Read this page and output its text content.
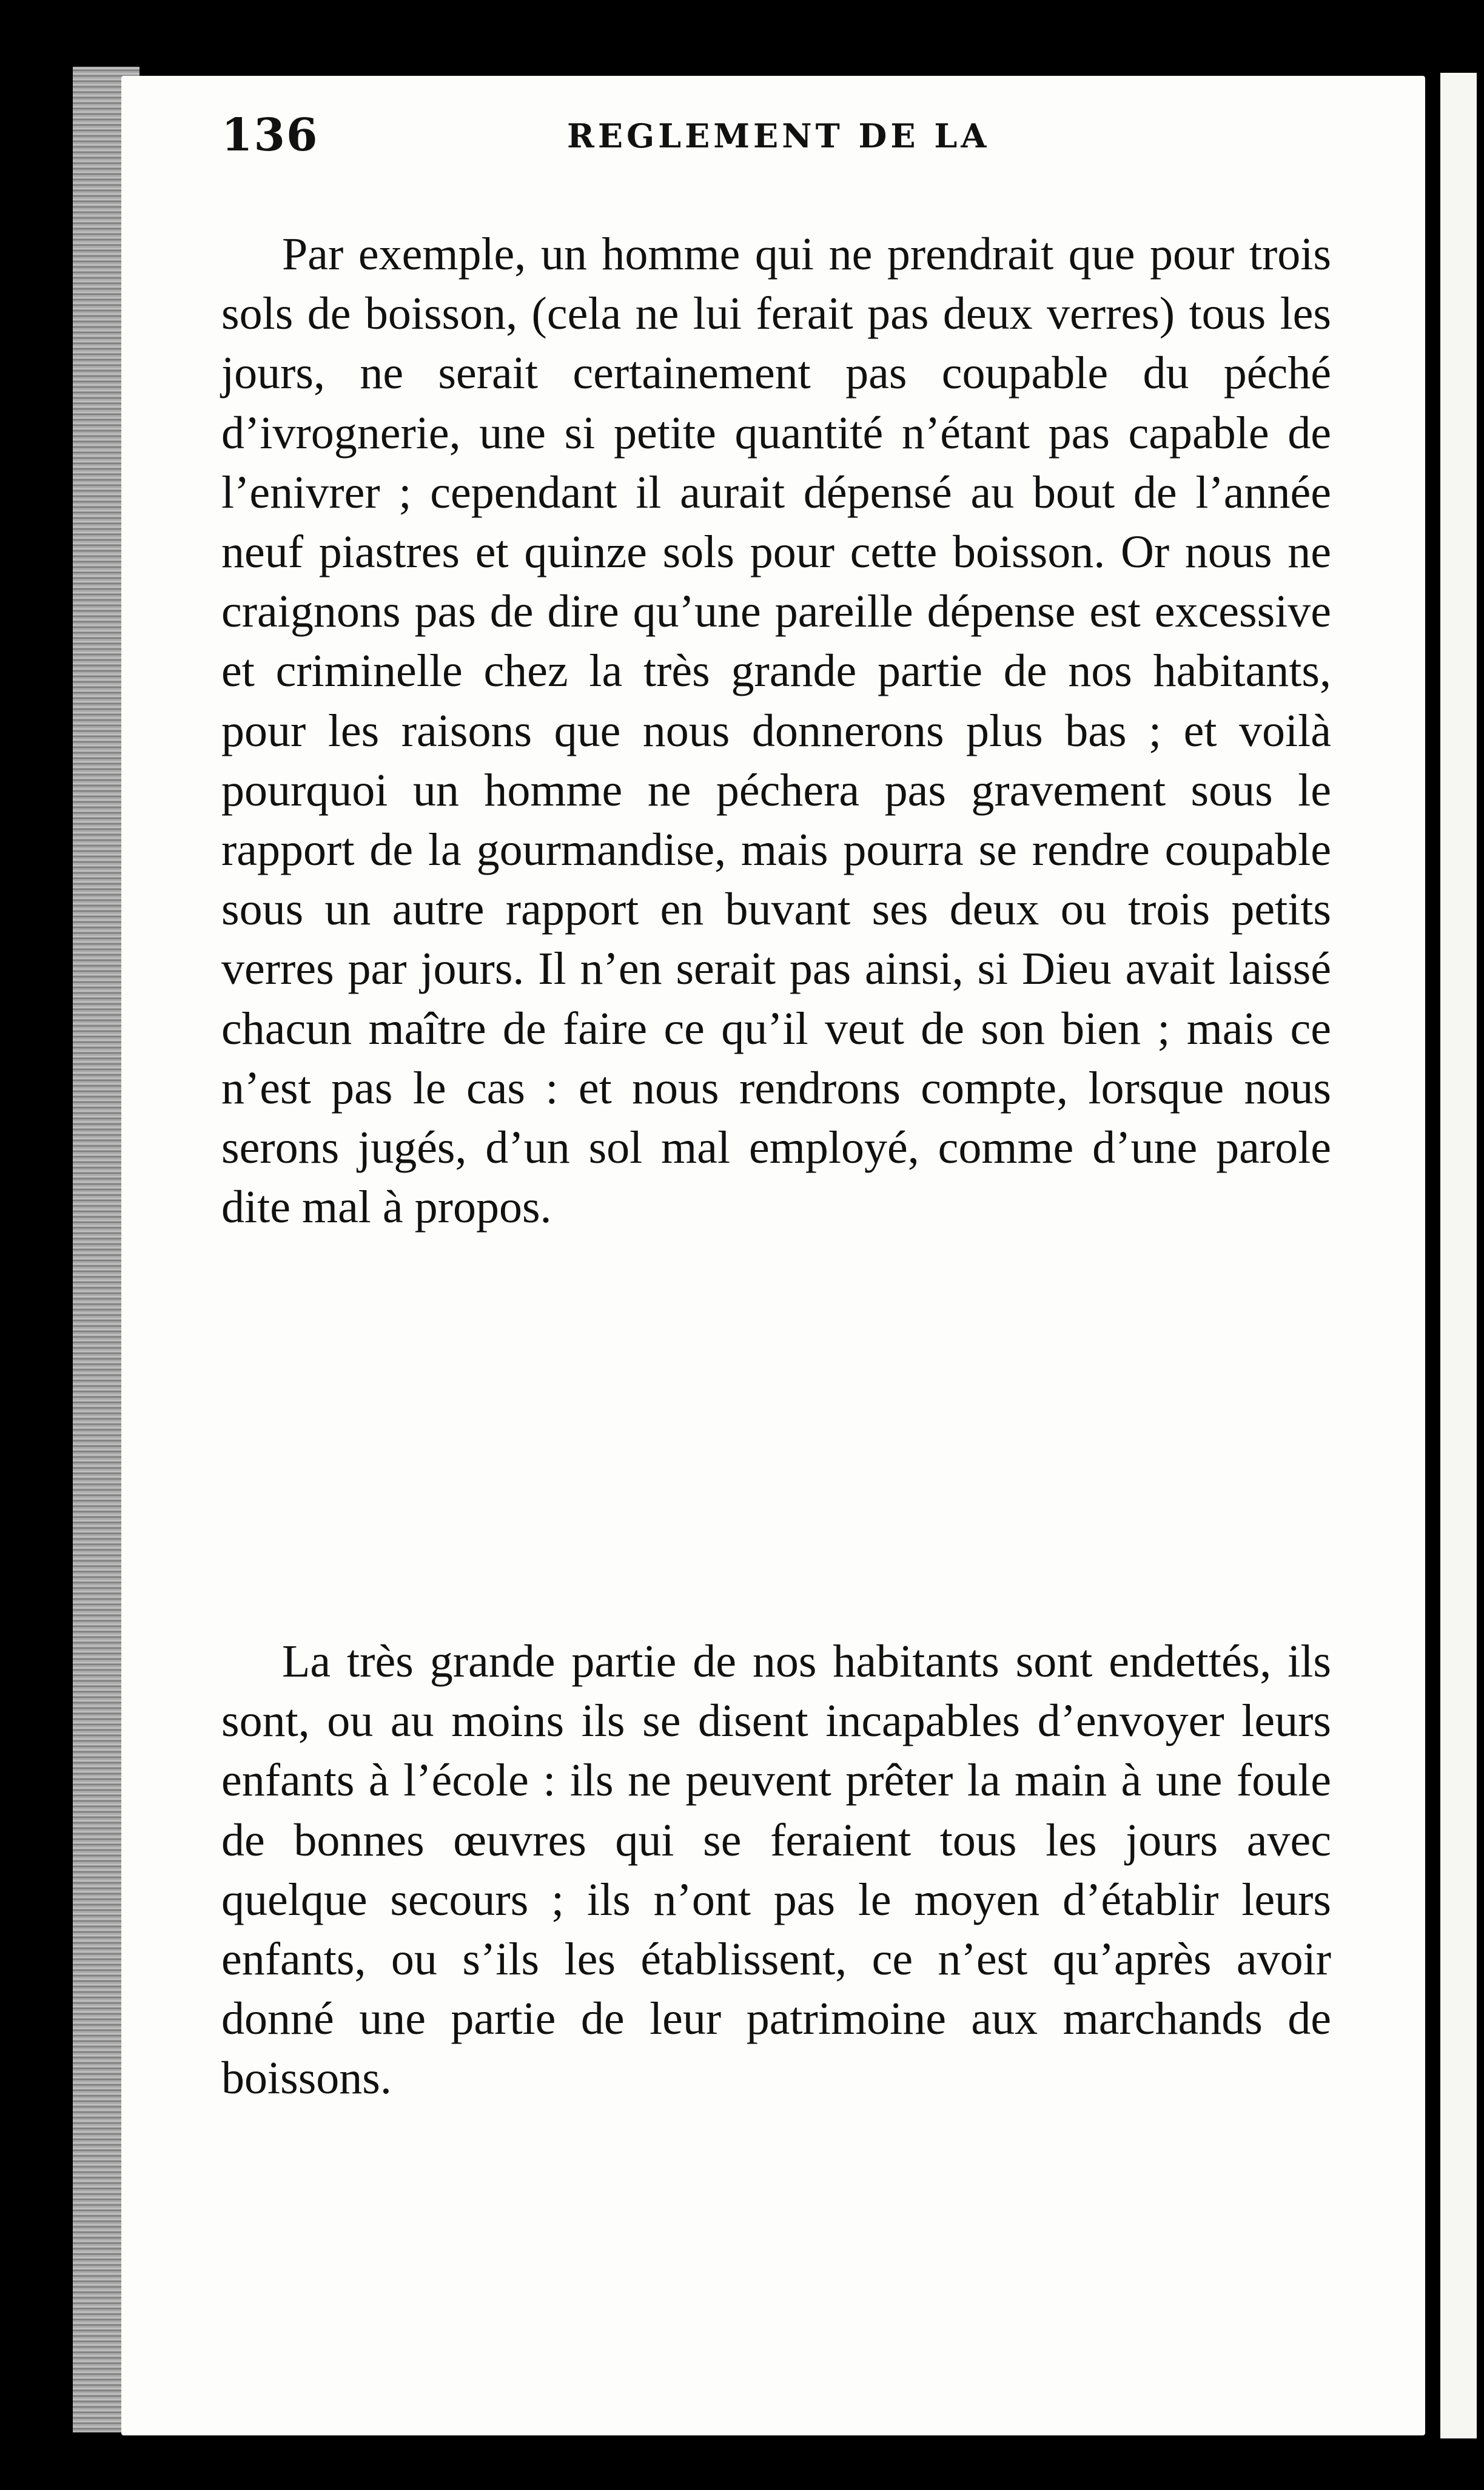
136	REGLEMENT DE LA

Par exemple, un homme qui ne prendrait que pour trois sols de boisson, (cela ne lui ferait pas deux verres) tous les jours, ne serait certainement pas coupable du péché d’ivrognerie, une si petite quantité n’étant pas capable de l’enivrer ; cependant il aurait dépensé au bout de l’année neuf piastres et quinze sols pour cette boisson. Or nous ne craignons pas de dire qu’une pareille dépense est excessive et criminelle chez la très grande partie de nos habitants, pour les raisons que nous donnerons plus bas ; et voilà pourquoi un homme ne péchera pas gravement sous le rapport de la gourmandise, mais pourra se rendre coupable sous un autre rapport en buvant ses deux ou trois petits verres par jours. Il n’en serait pas ainsi, si Dieu avait laissé chacun maître de faire ce qu’il veut de son bien ; mais ce n’est pas le cas : et nous rendrons compte, lorsque nous serons jugés, d’un sol mal employé, comme d’une parole dite mal à propos.

La très grande partie de nos habitants sont endettés, ils sont, ou au moins ils se disent incapables d’envoyer leurs enfants à l’école : ils ne peuvent prêter la main à une foule de bonnes œuvres qui se feraient tous les jours avec quelque secours ; ils n’ont pas le moyen d’établir leurs enfants, ou s’ils les établissent, ce n’est qu’après avoir donné une partie de leur patrimoine aux marchands de boissons.
